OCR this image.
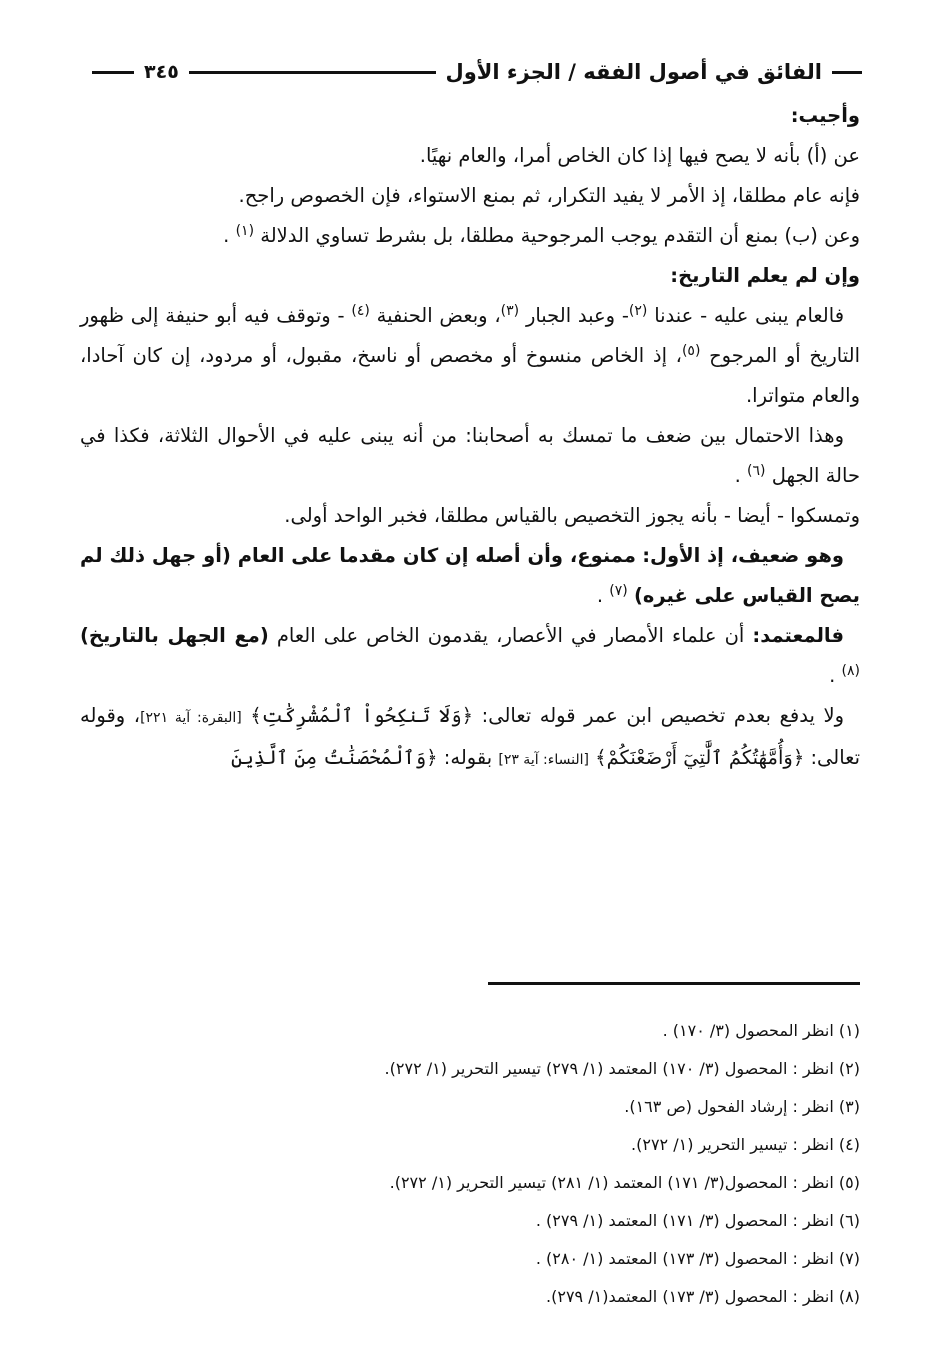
الفائق في أصول الفقه / الجزء الأول
٣٤٥

وأجيب:

عن (أ) بأنه لا يصح فيها إذا كان الخاص أمرا، والعام نهيًا.

فإنه عام مطلقا، إذ الأمر لا يفيد التكرار، ثم بمنع الاستواء، فإن الخصوص راجح.

وعن (ب) بمنع أن التقدم يوجب المرجوحية مطلقا، بل بشرط تساوي الدلالة $^{(١)}$ .

وإن لم يعلم التاريخ:

فالعام يبنى عليه - عندنا $^{(٢)}$- وعبد الجبار $^{(٣)}$، وبعض الحنفية $^{(٤)}$ - وتوقف فيه أبو حنيفة إلى ظهور التاريخ أو المرجوح $^{(٥)}$، إذ الخاص منسوخ أو مخصص أو ناسخ، مقبول، أو مردود، إن كان آحادا، والعام متواترا.

وهذا الاحتمال بين ضعف ما تمسك به أصحابنا: من أنه يبنى عليه في الأحوال الثلاثة، فكذا في حالة الجهل $^{(٦)}$ .

وتمسكوا - أيضا - بأنه يجوز التخصيص بالقياس مطلقا، فخبر الواحد أولى.

وهو ضعيف، إذ الأول: ممنوع، وأن أصله إن كان مقدما على العام (أو جهل ذلك لم يصح القياس على غيره) $^{(٧)}$ .

فالمعتمد: أن علماء الأمصار في الأعصار، يقدمون الخاص على العام (مع الجهل بالتاريخ) $^{(٨)}$ .

ولا يدفع بعدم تخصيص ابن عمر قوله تعالى: ﴿وَلَا تَنكِحُواْ ٱلْمُشْرِكَٰتِ﴾ [البقرة: آية ٢٢١]، وقوله تعالى: ﴿وَأُمَّهَٰتُكُمُ ٱلَّٰتِيٓ أَرْضَعْنَكُمْ﴾ [النساء: آية ٢٣] بقوله: ﴿وَٱلْمُحْصَنَٰتُ مِنَ ٱلَّذِينَ

(١) انظر المحصول (٣/ ١٧٠) .

(٢) انظر : المحصول (٣/ ١٧٠) المعتمد (١/ ٢٧٩) تيسير التحرير (١/ ٢٧٢).

(٣) انظر : إرشاد الفحول (ص ١٦٣).

(٤) انظر : تيسير التحرير (١/ ٢٧٢).

(٥) انظر : المحصول(٣/ ١٧١) المعتمد (١/ ٢٨١) تيسير التحرير (١/ ٢٧٢).

(٦) انظر : المحصول (٣/ ١٧١) المعتمد (١/ ٢٧٩) .

(٧) انظر : المحصول (٣/ ١٧٣) المعتمد (١/ ٢٨٠) .

(٨) انظر : المحصول (٣/ ١٧٣) المعتمد(١/ ٢٧٩).
